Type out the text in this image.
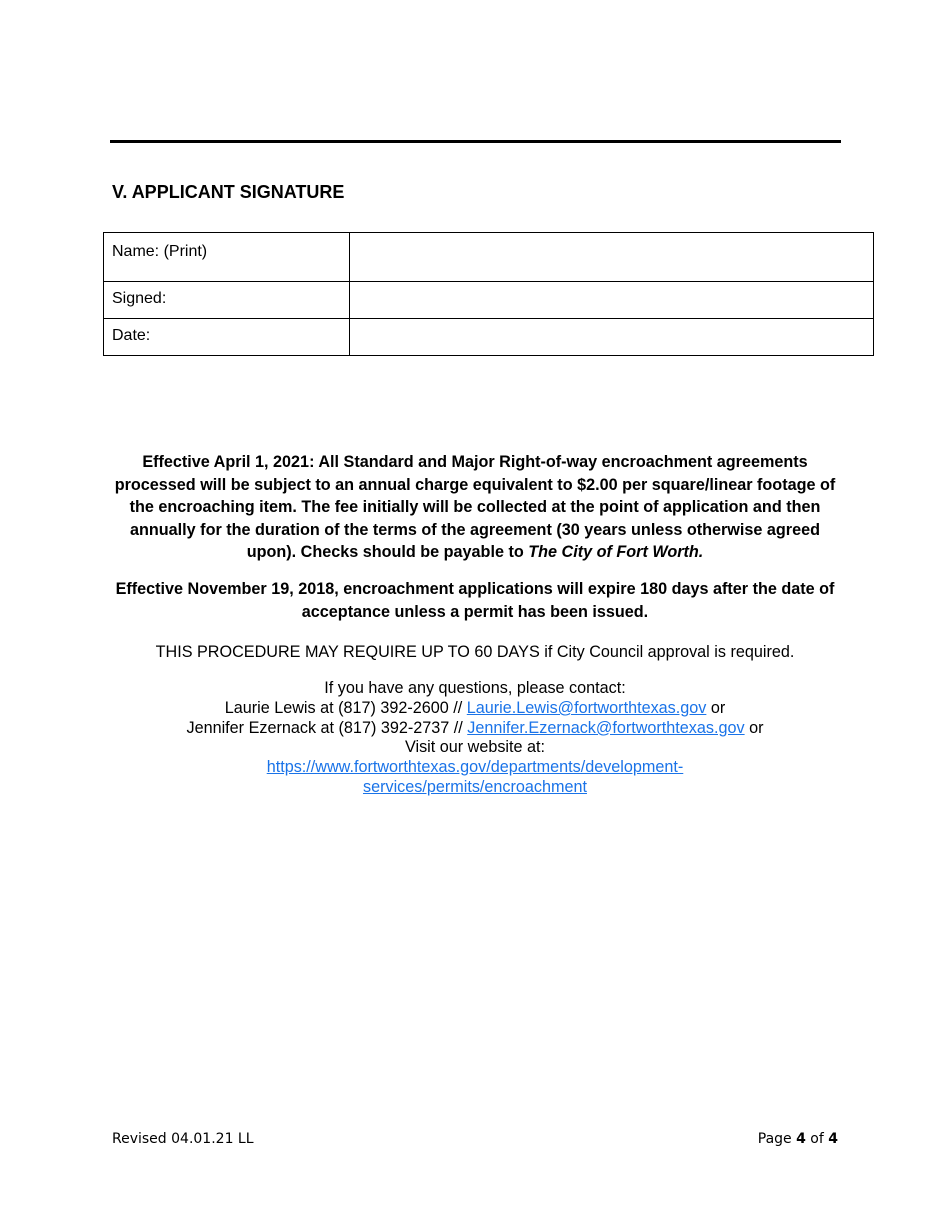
V. APPLICANT SIGNATURE
Name: (Print)	
Signed:	
Date:	

Effective April 1, 2021: All Standard and Major Right-of-way encroachment agreements processed will be subject to an annual charge equivalent to $2.00 per square/linear footage of the encroaching item. The fee initially will be collected at the point of application and then annually for the duration of the terms of the agreement (30 years unless otherwise agreed upon). Checks should be payable to The City of Fort Worth.

Effective November 19, 2018, encroachment applications will expire 180 days after the date of acceptance unless a permit has been issued.

THIS PROCEDURE MAY REQUIRE UP TO 60 DAYS if City Council approval is required.

If you have any questions, please contact:
Laurie Lewis at (817) 392-2600 // Laurie.Lewis@fortworthtexas.gov or
Jennifer Ezernack at (817) 392-2737 // Jennifer.Ezernack@fortworthtexas.gov or
Visit our website at:
https://www.fortworthtexas.gov/departments/development-
services/permits/encroachment
Revised 04.01.21 LL	Page 4 of 4
